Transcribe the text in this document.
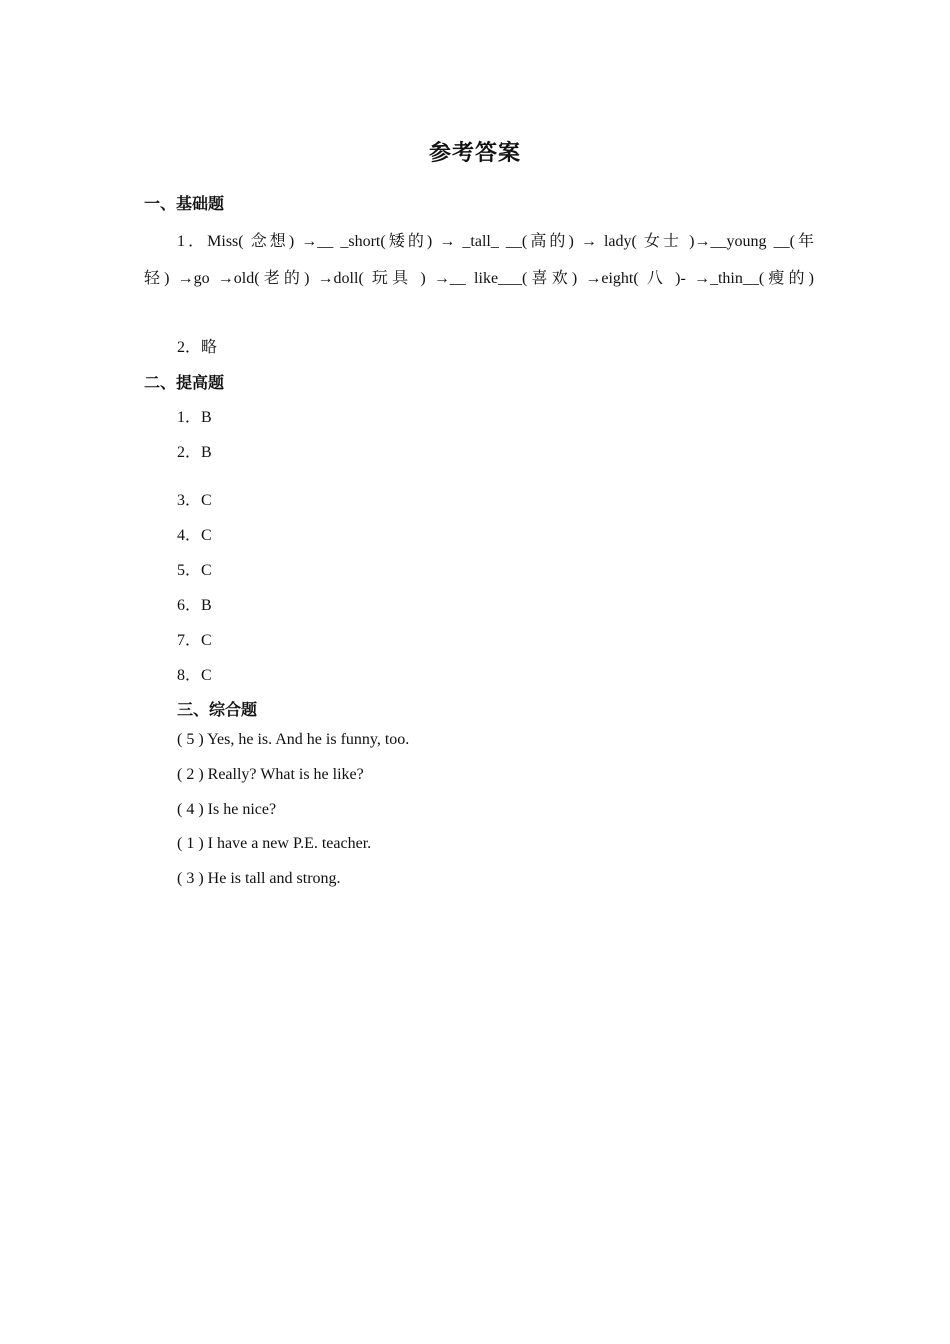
参考答案
一、基础题
1．Miss( 念想) →__ _short(矮的) → _tall_ __(高的) → lady( 女士 )→__young __(年
轻) →go →old(老的) →doll( 玩具 ) →__ like___(喜欢) →eight( 八 )- →_thin__(瘦的)
2．略
二、提高题
1．B
2．B
3．C
4．C
5．C
6．B
7．C
8．C
三、综合题
( 5 ) Yes, he is. And he is funny, too.
( 2 ) Really? What is he like?
( 4 ) Is he nice?
( 1 ) I have a new P.E. teacher.
( 3 ) He is tall and strong.
